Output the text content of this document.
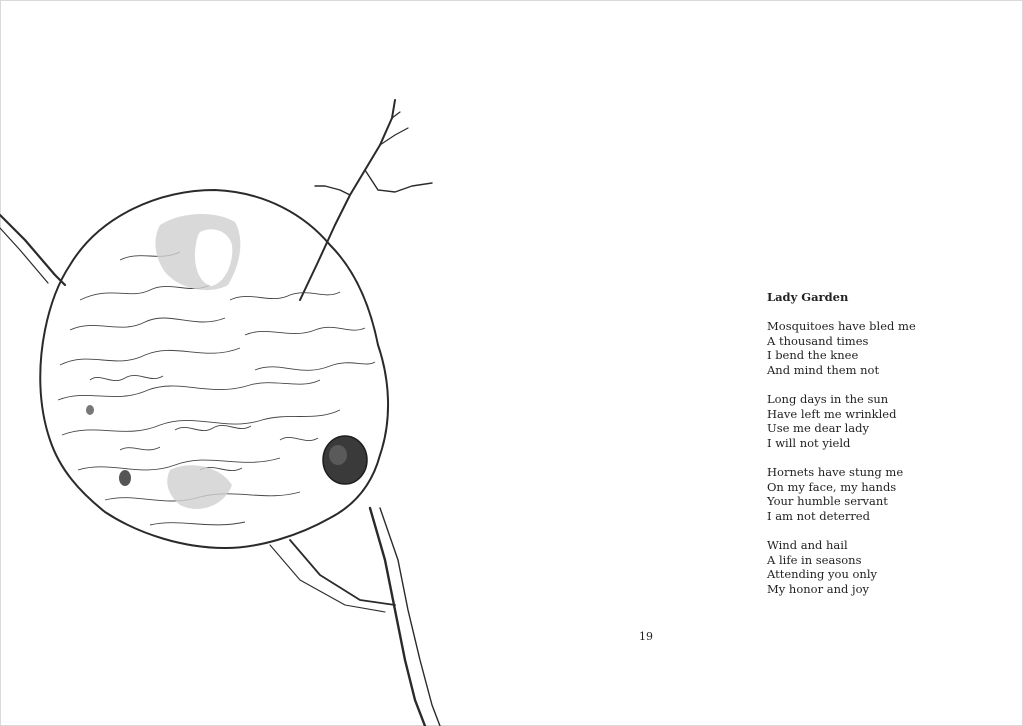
Lady Garden
Mosquitoes have bled me
A thousand times
I bend the knee
And mind them not
Long days in the sun
Have left me wrinkled
Use me dear lady
I will not yield
Hornets have stung me
On my face, my hands
Your humble servant
I am not deterred
Wind and hail
A life in seasons
Attending you only
My honor and joy
19
